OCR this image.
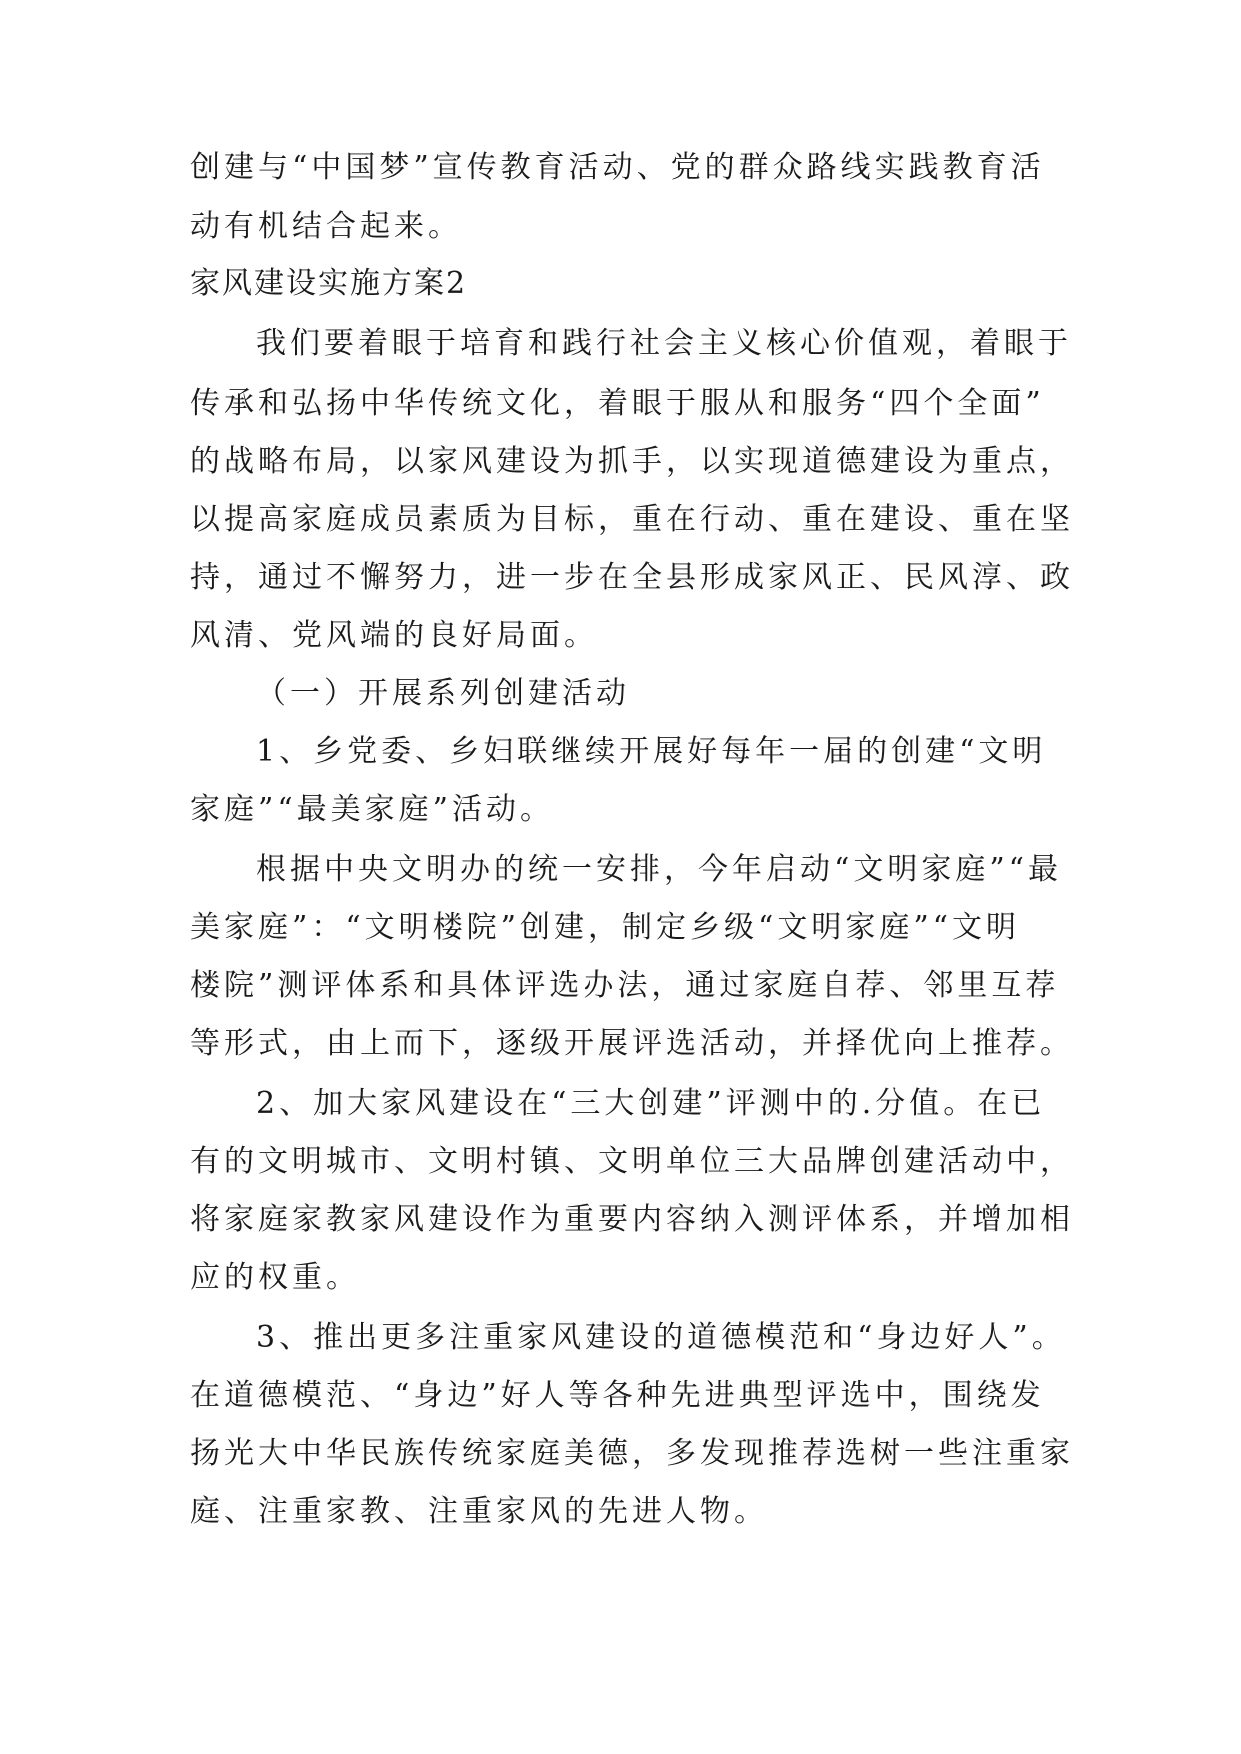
创建与“中国梦”宣传教育活动、党的群众路线实践教育活
动有机结合起来。
家风建设实施方案2
我们要着眼于培育和践行社会主义核心价值观，着眼于
传承和弘扬中华传统文化，着眼于服从和服务“四个全面”
的战略布局，以家风建设为抓手，以实现道德建设为重点，
以提高家庭成员素质为目标，重在行动、重在建设、重在坚
持，通过不懈努力，进一步在全县形成家风正、民风淳、政
风清、党风端的良好局面。
（一）开展系列创建活动
1、乡党委、乡妇联继续开展好每年一届的创建“文明
家庭”“最美家庭”活动。
根据中央文明办的统一安排，今年启动“文明家庭”“最
美家庭”：“文明楼院”创建，制定乡级“文明家庭”“文明
楼院”测评体系和具体评选办法，通过家庭自荐、邻里互荐
等形式，由上而下，逐级开展评选活动，并择优向上推荐。
2、加大家风建设在“三大创建”评测中的.分值。在已
有的文明城市、文明村镇、文明单位三大品牌创建活动中，
将家庭家教家风建设作为重要内容纳入测评体系，并增加相
应的权重。
3、推出更多注重家风建设的道德模范和“身边好人”。
在道德模范、“身边”好人等各种先进典型评选中，围绕发
扬光大中华民族传统家庭美德，多发现推荐选树一些注重家
庭、注重家教、注重家风的先进人物。
